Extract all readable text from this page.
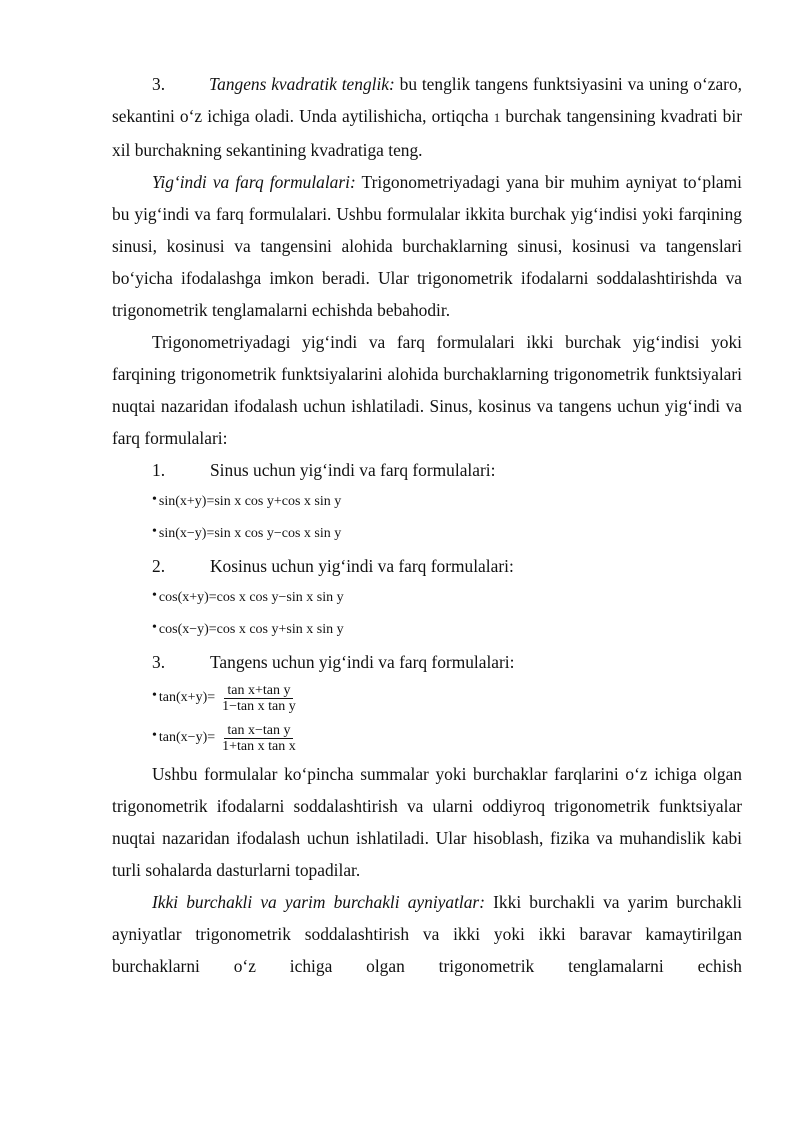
3.	Tangens kvadratik tenglik: bu tenglik tangens funktsiyasini va uning o‘zaro, sekantini o‘z ichiga oladi. Unda aytilishicha, ortiqcha 1 burchak tangensining kvadrati bir xil burchakning sekantining kvadratiga teng.

Yig‘indi va farq formulalari: Trigonometriyadagi yana bir muhim ayniyat to‘plami bu yig‘indi va farq formulalari. Ushbu formulalar ikkita burchak yig‘indisi yoki farqining sinusi, kosinusi va tangensini alohida burchaklarning sinusi, kosinusi va tangenslari bo‘yicha ifodalashga imkon beradi. Ular trigonometrik ifodalarni soddalashtirishda va trigonometrik tenglamalarni echishda bebahodir.

Trigonometriyadagi yig‘indi va farq formulalari ikki burchak yig‘indisi yoki farqining trigonometrik funktsiyalarini alohida burchaklarning trigonometrik funktsiyalari nuqtai nazaridan ifodalash uchun ishlatiladi. Sinus, kosinus va tangens uchun yig‘indi va farq formulalari:

1.	Sinus uchun yig‘indi va farq formulalari:

• sin(x+y)=sin x cos y+cos x sin y

• sin(x−y)=sin x cos y−cos x sin y

2.	Kosinus uchun yig‘indi va farq formulalari:

• cos(x+y)=cos x cos y−sin x sin y

• cos(x−y)=cos x cos y+sin x sin y

3.	Tangens uchun yig‘indi va farq formulalari:

• $\tan(x+y)= \frac{\text{tan x+tan y}}{\text{1−tan x tan y}}$

• $\tan(x-y)= \frac{\text{tan x−tan y}}{\text{1+tan x tan x}}$

Ushbu formulalar ko‘pincha summalar yoki burchaklar farqlarini o‘z ichiga olgan trigonometrik ifodalarni soddalashtirish va ularni oddiyroq trigonometrik funktsiyalar nuqtai nazaridan ifodalash uchun ishlatiladi. Ular hisoblash, fizika va muhandislik kabi turli sohalarda dasturlarni topadilar.

Ikki burchakli va yarim burchakli ayniyatlar: Ikki burchakli va yarim burchakli ayniyatlar trigonometrik soddalashtirish va ikki yoki ikki baravar kamaytirilgan burchaklarni o‘z ichiga olgan trigonometrik tenglamalarni echish
